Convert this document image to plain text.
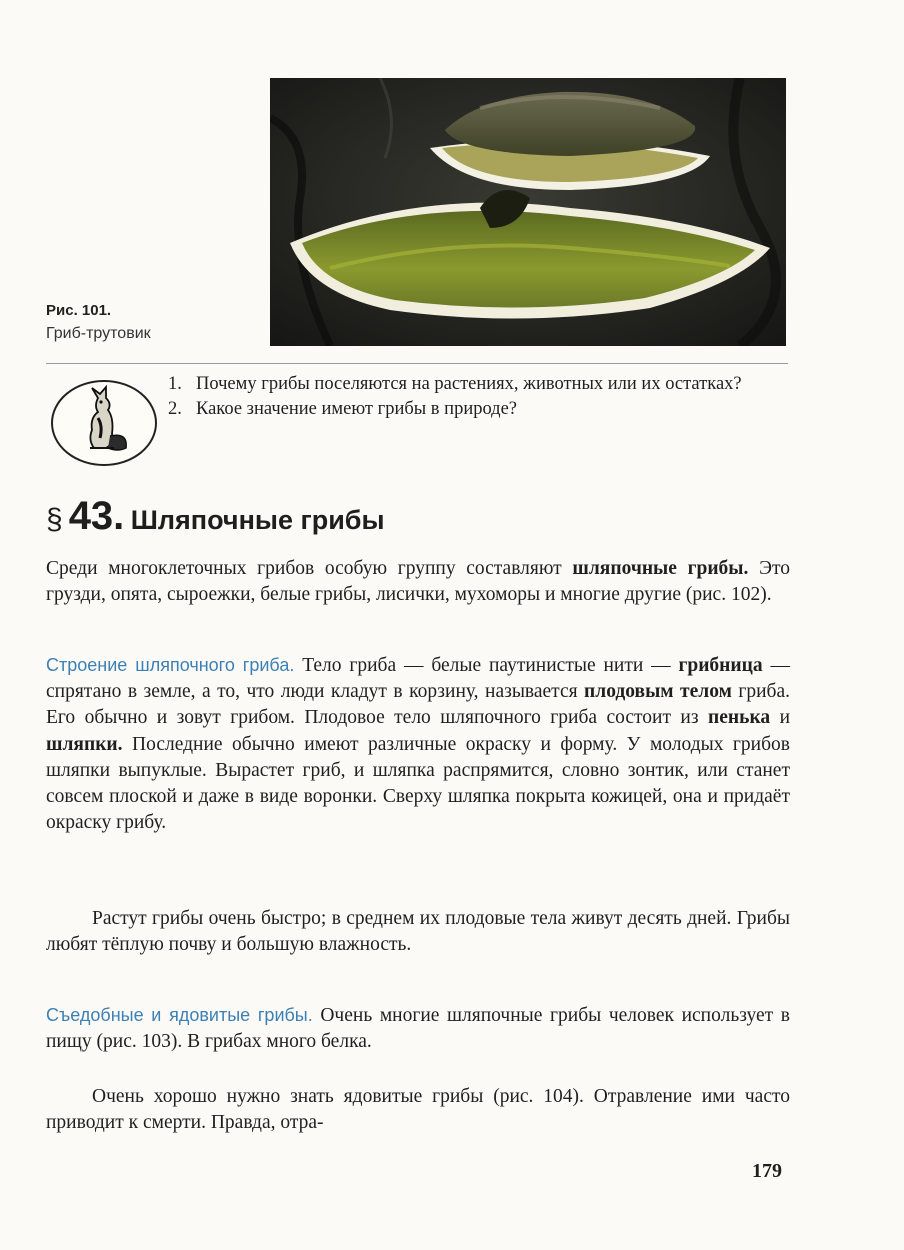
Рис. 101.
Гриб-трутовик
1. Почему грибы поселяются на растениях, животных или их остатках?
2. Какое значение имеют грибы в природе?
§ 43. Шляпочные грибы

Среди многоклеточных грибов особую группу составляют шляпочные грибы. Это грузди, опята, сыроежки, белые грибы, лисички, мухоморы и многие другие (рис. 102).

Строение шляпочного гриба. Тело гриба — белые паутинистые нити — грибница — спрятано в земле, а то, что люди кладут в корзину, называется плодовым телом гриба. Его обычно и зовут грибом. Плодовое тело шляпочного гриба состоит из пенька и шляпки. Последние обычно имеют различные окраску и форму. У молодых грибов шляпки выпуклые. Вырастет гриб, и шляпка распрямится, словно зонтик, или станет совсем плоской и даже в виде воронки. Сверху шляпка покрыта кожицей, она и придаёт окраску грибу.

Растут грибы очень быстро; в среднем их плодовые тела живут десять дней. Грибы любят тёплую почву и большую влажность.

Съедобные и ядовитые грибы. Очень многие шляпочные грибы человек использует в пищу (рис. 103). В грибах много белка.

Очень хорошо нужно знать ядовитые грибы (рис. 104). Отравление ими часто приводит к смерти. Правда, отра-

179
